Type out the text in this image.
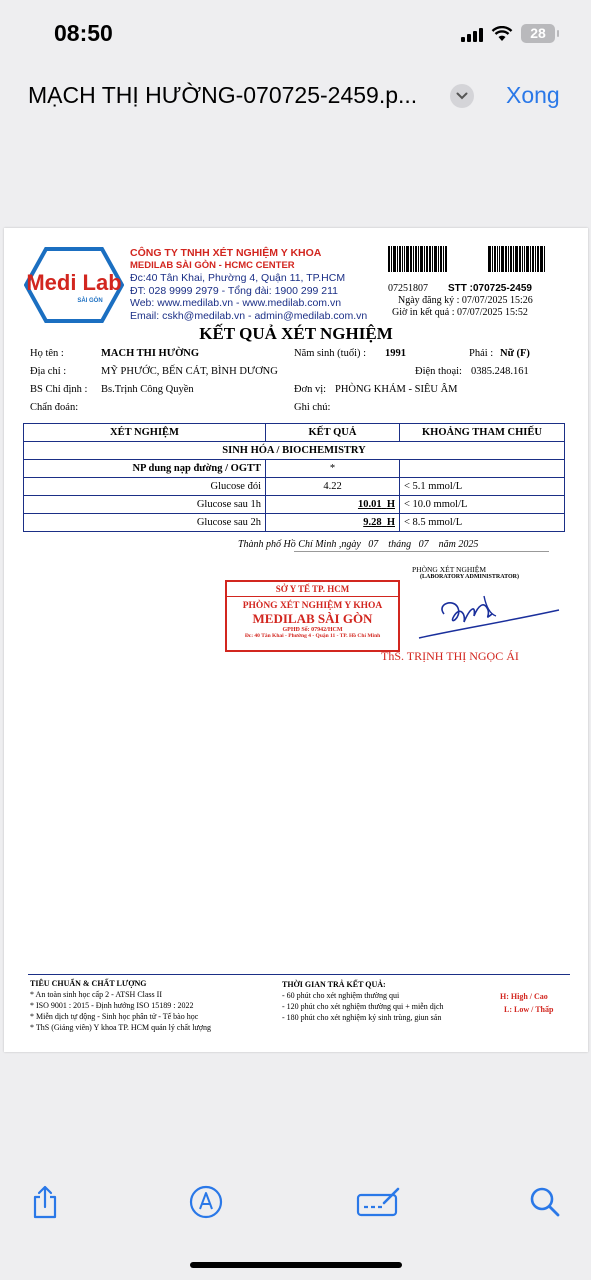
08:50	28
MẠCH THỊ HƯỜNG-070725-2459.p...	Xong
Medi Lab
SÀI GÒN
CÔNG TY TNHH XÉT NGHIỆM Y KHOA
MEDILAB SÀI GÒN - HCMC CENTER
Đc:40 Tân Khai, Phường 4, Quận 11, TP.HCM
ĐT: 028 9999 2979 - Tổng đài: 1900 299 211
Web: www.medilab.vn - www.medilab.com.vn
Email: cskh@medilab.vn - admin@medilab.com.vn
07251807 STT :070725-2459
Ngày đăng ký : 07/07/2025 15:26
Giờ in kết quả : 07/07/2025 15:52
KẾT QUẢ XÉT NGHIỆM
Họ tên :	MACH THI HƯỜNG	Năm sinh (tuổi) : 1991	Phái : Nữ (F)
Địa chỉ :	MỸ PHƯỚC, BẾN CÁT, BÌNH DƯƠNG	Điện thoại: 0385.248.161
BS Chỉ định : Bs.Trịnh Công Quyền	Đơn vị: PHÒNG KHÁM - SIÊU ÂM
Chẩn đoán:	Ghi chú:
XÉT NGHIỆM	KẾT QUẢ	KHOẢNG THAM CHIẾU
SINH HÓA / BIOCHEMISTRY		
NP dung nạp đường / OGTT	*	
Glucose đói	4.22	< 5.1 mmol/L
Glucose sau 1h	10.01 H	< 10.0 mmol/L
Glucose sau 2h	9.28 H	< 8.5 mmol/L
Thành phố Hồ Chí Minh ,ngày 07 tháng 07 năm 2025
PHÒNG XÉT NGHIỆM
(LABORATORY ADMINISTRATOR)
SỞ Y TẾ TP. HCM
PHÒNG XÉT NGHIỆM Y KHOA
MEDILAB SÀI GÒN
GPHĐ Số: 07942/HCM
Đc: 40 Tân Khai - Phường 4 - Quận 11 - TP. Hồ Chí Minh
ThS. TRỊNH THỊ NGỌC ÁI
TIÊU CHUẨN & CHẤT LƯỢNG
* An toàn sinh học cấp 2 - ATSH Class II
* ISO 9001 : 2015 - Định hướng ISO 15189 : 2022
* Miễn dịch tự động - Sinh học phân tử - Tế bào học
* ThS (Giảng viên) Y khoa TP. HCM quản lý chất lượng
THỜI GIAN TRẢ KẾT QUẢ:
- 60 phút cho xét nghiệm thường qui
- 120 phút cho xét nghiệm thường qui + miễn dịch
- 180 phút cho xét nghiệm ký sinh trùng, giun sán
H: High / Cao
L: Low / Thấp
